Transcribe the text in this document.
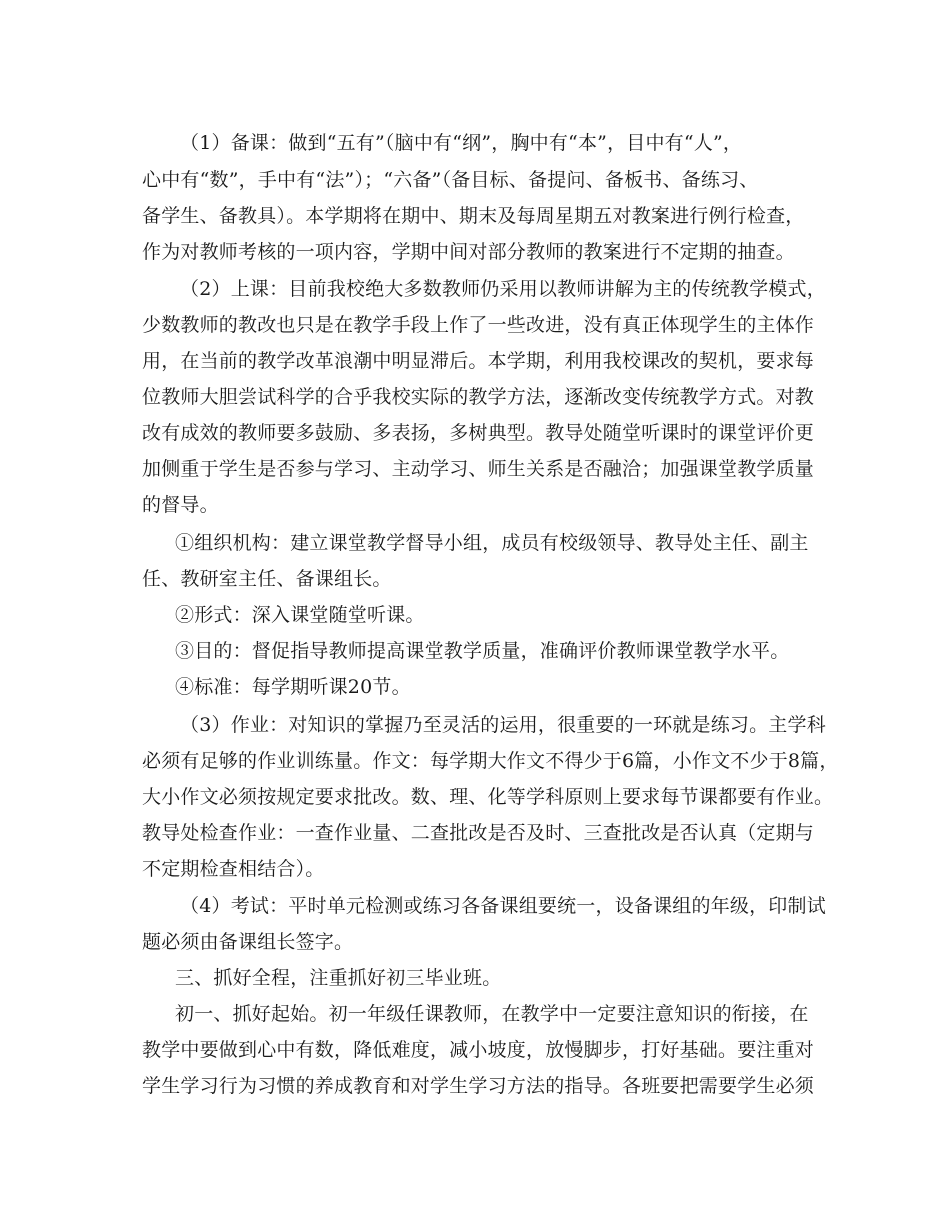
（1）备课：做到“五有”（脑中有“纲”，胸中有“本”，目中有“人”，
心中有“数”，手中有“法”）；“六备”（备目标、备提问、备板书、备练习、
备学生、备教具）。本学期将在期中、期末及每周星期五对教案进行例行检查，
作为对教师考核的一项内容，学期中间对部分教师的教案进行不定期的抽查。
（2）上课：目前我校绝大多数教师仍采用以教师讲解为主的传统教学模式，
少数教师的教改也只是在教学手段上作了一些改进，没有真正体现学生的主体作
用，在当前的教学改革浪潮中明显滞后。本学期，利用我校课改的契机，要求每
位教师大胆尝试科学的合乎我校实际的教学方法，逐渐改变传统教学方式。对教
改有成效的教师要多鼓励、多表扬，多树典型。教导处随堂听课时的课堂评价更
加侧重于学生是否参与学习、主动学习、师生关系是否融洽；加强课堂教学质量
的督导。
①组织机构：建立课堂教学督导小组，成员有校级领导、教导处主任、副主
任、教研室主任、备课组长。
②形式：深入课堂随堂听课。
③目的：督促指导教师提高课堂教学质量，准确评价教师课堂教学水平。
④标准：每学期听课20节。
（3）作业：对知识的掌握乃至灵活的运用，很重要的一环就是练习。主学科
必须有足够的作业训练量。作文：每学期大作文不得少于6篇，小作文不少于8篇，
大小作文必须按规定要求批改。数、理、化等学科原则上要求每节课都要有作业。
教导处检查作业：一查作业量、二查批改是否及时、三查批改是否认真（定期与
不定期检查相结合）。
（4）考试：平时单元检测或练习各备课组要统一，设备课组的年级，印制试
题必须由备课组长签字。
三、抓好全程，注重抓好初三毕业班。
初一、抓好起始。初一年级任课教师，在教学中一定要注意知识的衔接，在
教学中要做到心中有数，降低难度，减小坡度，放慢脚步，打好基础。要注重对
学生学习行为习惯的养成教育和对学生学习方法的指导。各班要把需要学生必须
